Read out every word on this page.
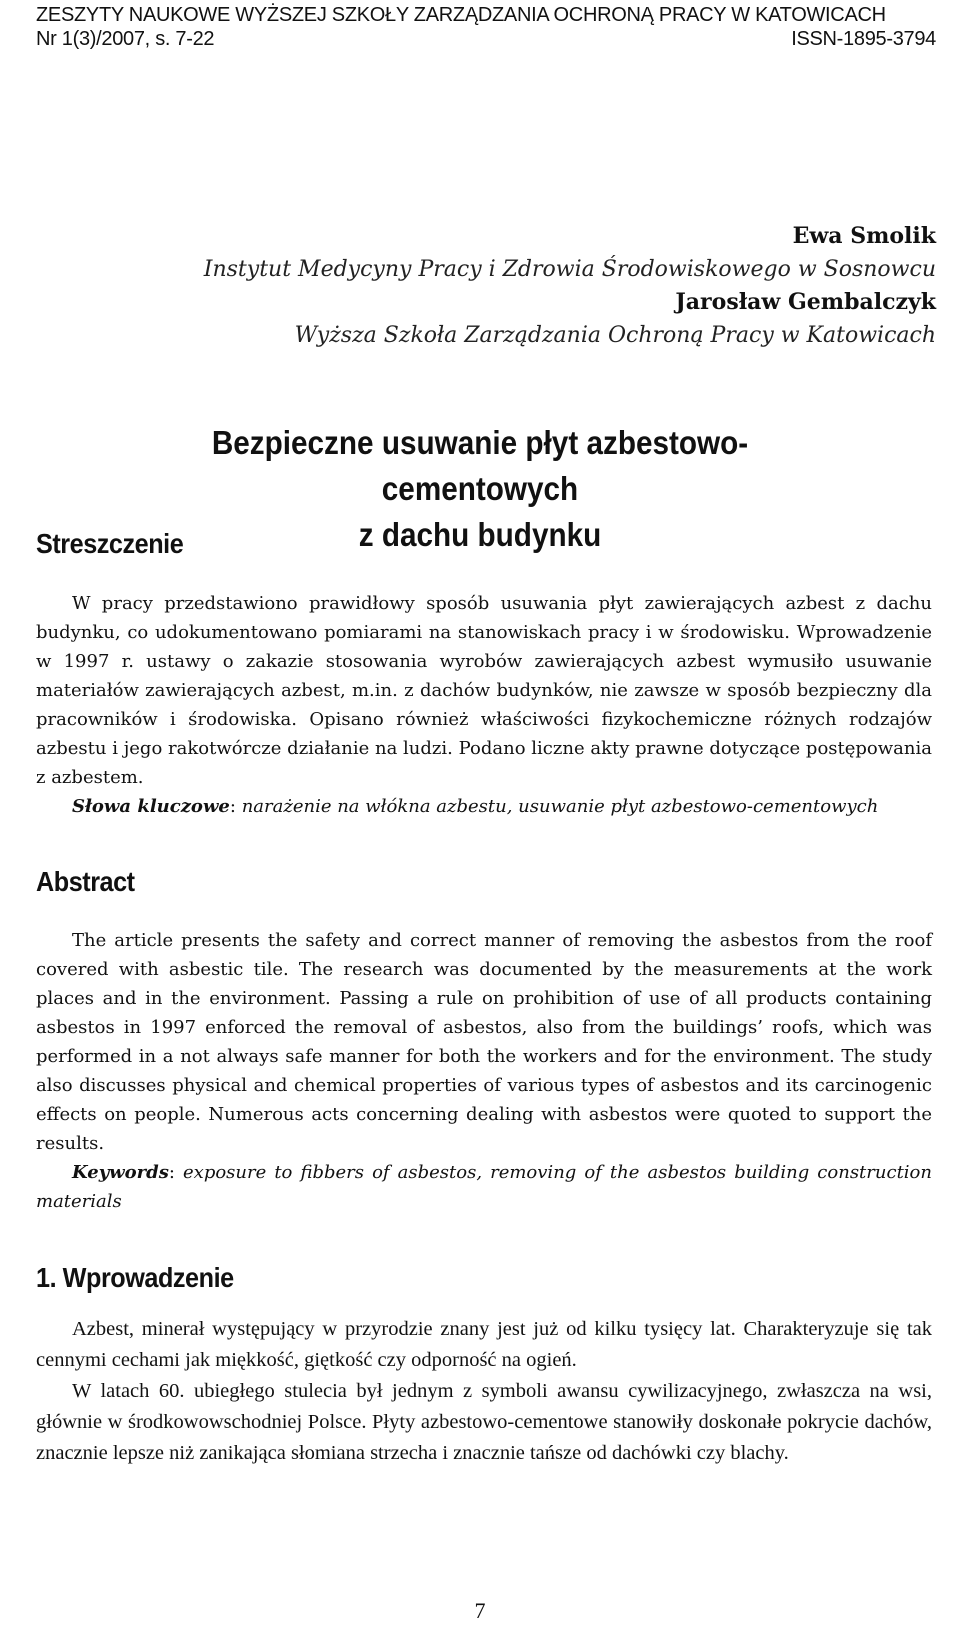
ZESZYTY NAUKOWE WYŻSZEJ SZKOŁY ZARZĄDZANIA OCHRONĄ PRACY W KATOWICACH
Nr 1(3)/2007, s. 7-22	ISSN-1895-3794
Ewa Smolik
Instytut Medycyny Pracy i Zdrowia Środowiskowego w Sosnowcu
Jarosław Gembalczyk
Wyższa Szkoła Zarządzania Ochroną Pracy w Katowicach
Bezpieczne usuwanie płyt azbestowo-cementowych
z dachu budynku
Streszczenie

W pracy przedstawiono prawidłowy sposób usuwania płyt zawierających azbest z dachu budynku, co udokumentowano pomiarami na stanowiskach pracy i w środowisku. Wprowadzenie w 1997 r. ustawy o zakazie stosowania wyrobów zawierających azbest wymusiło usuwanie materiałów zawierających azbest, m.in. z dachów budynków, nie zawsze w sposób bezpieczny dla pracowników i środowiska. Opisano również właściwości fizykochemiczne różnych rodzajów azbestu i jego rakotwórcze działanie na ludzi. Podano liczne akty prawne dotyczące postępowania z azbestem.

Słowa kluczowe: narażenie na włókna azbestu, usuwanie płyt azbestowo-cementowych

Abstract

The article presents the safety and correct manner of removing the asbestos from the roof covered with asbestic tile. The research was documented by the measurements at the work places and in the environment. Passing a rule on prohibition of use of all products containing asbestos in 1997 enforced the removal of asbestos, also from the buildings’ roofs, which was performed in a not always safe manner for both the workers and for the environment. The study also discusses physical and chemical properties of various types of asbestos and its carcinogenic effects on people. Numerous acts concerning dealing with asbestos were quoted to support the results.

Keywords: exposure to fibbers of asbestos, removing of the asbestos building construction materials

1. Wprowadzenie

Azbest, minerał występujący w przyrodzie znany jest już od kilku tysięcy lat. Charakteryzuje się tak cennymi cechami jak miękkość, giętkość czy odporność na ogień.

W latach 60. ubiegłego stulecia był jednym z symboli awansu cywilizacyjnego, zwłaszcza na wsi, głównie w środkowowschodniej Polsce. Płyty azbestowo-cementowe stanowiły doskonałe pokrycie dachów, znacznie lepsze niż zanikająca słomiana strzecha i znacznie tańsze od dachówki czy blachy.

7
